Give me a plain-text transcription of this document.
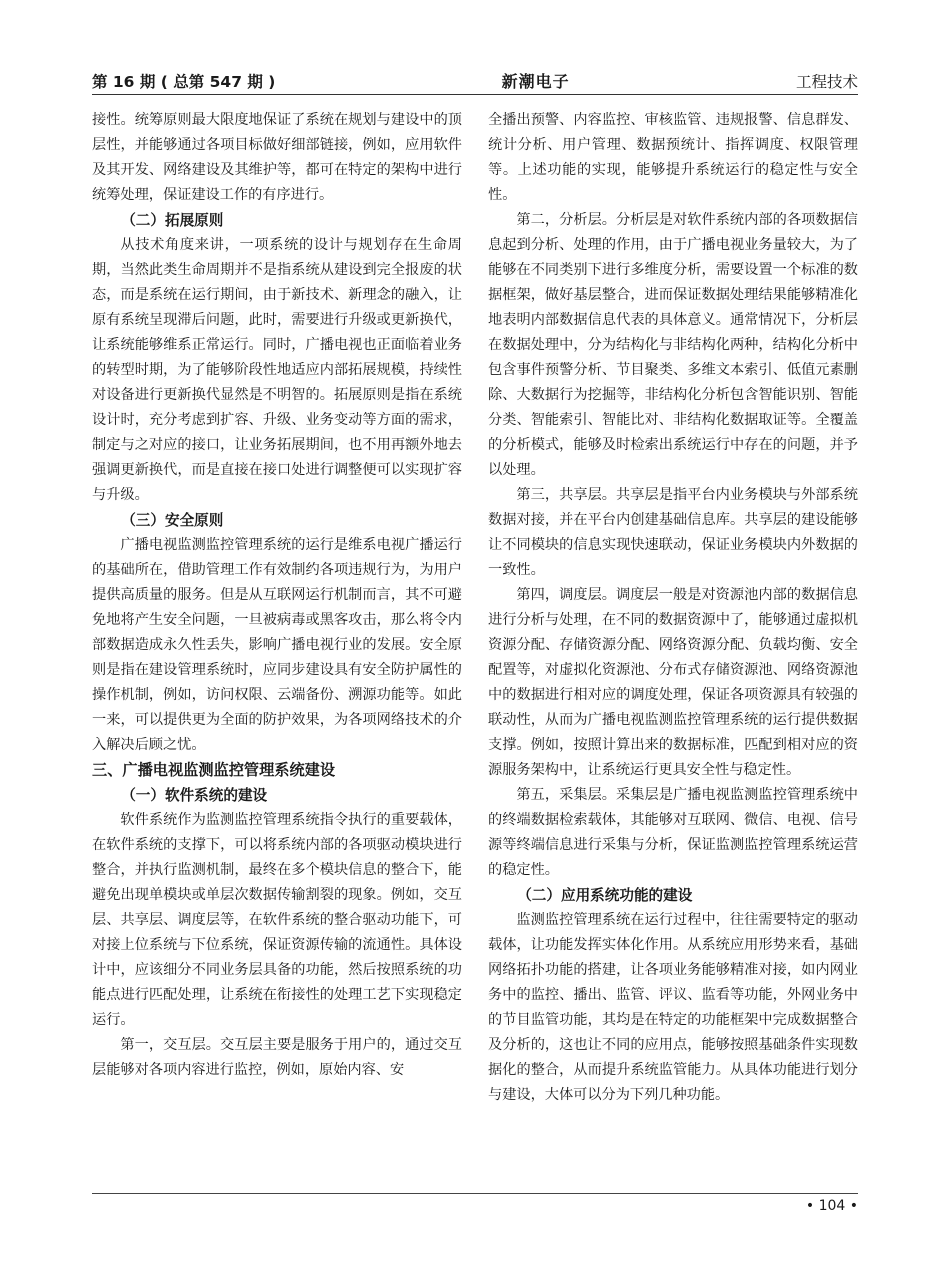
第 16 期 ( 总第 547 期 )	新潮电子	工程技术

接性。统筹原则最大限度地保证了系统在规划与建设中的顶层性，并能够通过各项目标做好细部链接，例如，应用软件及其开发、网络建设及其维护等，都可在特定的架构中进行统筹处理，保证建设工作的有序进行。

（二）拓展原则

从技术角度来讲，一项系统的设计与规划存在生命周期，当然此类生命周期并不是指系统从建设到完全报废的状态，而是系统在运行期间，由于新技术、新理念的融入，让原有系统呈现滞后问题，此时，需要进行升级或更新换代，让系统能够维系正常运行。同时，广播电视也正面临着业务的转型时期，为了能够阶段性地适应内部拓展规模，持续性对设备进行更新换代显然是不明智的。拓展原则是指在系统设计时，充分考虑到扩容、升级、业务变动等方面的需求，制定与之对应的接口，让业务拓展期间，也不用再额外地去强调更新换代，而是直接在接口处进行调整便可以实现扩容与升级。

（三）安全原则

广播电视监测监控管理系统的运行是维系电视广播运行的基础所在，借助管理工作有效制约各项违规行为，为用户提供高质量的服务。但是从互联网运行机制而言，其不可避免地将产生安全问题，一旦被病毒或黑客攻击，那么将令内部数据造成永久性丢失，影响广播电视行业的发展。安全原则是指在建设管理系统时，应同步建设具有安全防护属性的操作机制，例如，访问权限、云端备份、溯源功能等。如此一来，可以提供更为全面的防护效果，为各项网络技术的介入解决后顾之忧。

三、广播电视监测监控管理系统建设
（一）软件系统的建设

软件系统作为监测监控管理系统指令执行的重要载体，在软件系统的支撑下，可以将系统内部的各项驱动模块进行整合，并执行监测机制，最终在多个模块信息的整合下，能避免出现单模块或单层次数据传输割裂的现象。例如，交互层、共享层、调度层等，在软件系统的整合驱动功能下，可对接上位系统与下位系统，保证资源传输的流通性。具体设计中，应该细分不同业务层具备的功能，然后按照系统的功能点进行匹配处理，让系统在衔接性的处理工艺下实现稳定运行。

第一，交互层。交互层主要是服务于用户的，通过交互层能够对各项内容进行监控，例如，原始内容、安

全播出预警、内容监控、审核监管、违规报警、信息群发、统计分析、用户管理、数据预统计、指挥调度、权限管理等。上述功能的实现，能够提升系统运行的稳定性与安全性。

第二，分析层。分析层是对软件系统内部的各项数据信息起到分析、处理的作用，由于广播电视业务量较大，为了能够在不同类别下进行多维度分析，需要设置一个标准的数据框架，做好基层整合，进而保证数据处理结果能够精准化地表明内部数据信息代表的具体意义。通常情况下，分析层在数据处理中，分为结构化与非结构化两种，结构化分析中包含事件预警分析、节目聚类、多维文本索引、低值元素删除、大数据行为挖掘等，非结构化分析包含智能识别、智能分类、智能索引、智能比对、非结构化数据取证等。全覆盖的分析模式，能够及时检索出系统运行中存在的问题，并予以处理。

第三，共享层。共享层是指平台内业务模块与外部系统数据对接，并在平台内创建基础信息库。共享层的建设能够让不同模块的信息实现快速联动，保证业务模块内外数据的一致性。

第四，调度层。调度层一般是对资源池内部的数据信息进行分析与处理，在不同的数据资源中了，能够通过虚拟机资源分配、存储资源分配、网络资源分配、负载均衡、安全配置等，对虚拟化资源池、分布式存储资源池、网络资源池中的数据进行相对应的调度处理，保证各项资源具有较强的联动性，从而为广播电视监测监控管理系统的运行提供数据支撑。例如，按照计算出来的数据标准，匹配到相对应的资源服务架构中，让系统运行更具安全性与稳定性。

第五，采集层。采集层是广播电视监测监控管理系统中的终端数据检索载体，其能够对互联网、微信、电视、信号源等终端信息进行采集与分析，保证监测监控管理系统运营的稳定性。

（二）应用系统功能的建设

监测监控管理系统在运行过程中，往往需要特定的驱动载体，让功能发挥实体化作用。从系统应用形势来看，基础网络拓扑功能的搭建，让各项业务能够精准对接，如内网业务中的监控、播出、监管、评议、监看等功能，外网业务中的节目监管功能，其均是在特定的功能框架中完成数据整合及分析的，这也让不同的应用点，能够按照基础条件实现数据化的整合，从而提升系统监管能力。从具体功能进行划分与建设，大体可以分为下列几种功能。

• 104 •
